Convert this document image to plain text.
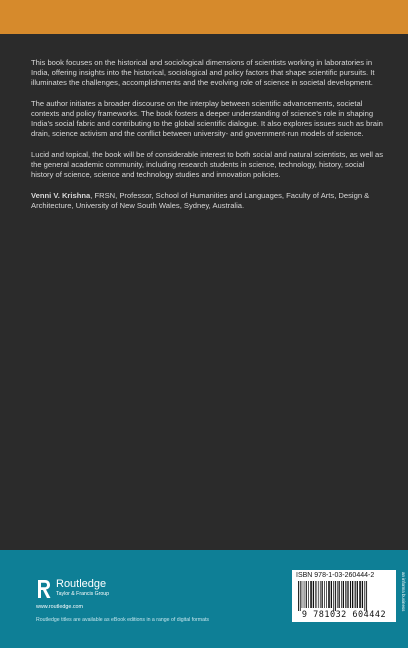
This book focuses on the historical and sociological dimensions of scientists working in laboratories in India, offering insights into the historical, sociological and policy factors that shape scientific pursuits. It illuminates the challenges, accomplishments and the evolving role of science in societal development.

The author initiates a broader discourse on the interplay between scientific advancements, societal contexts and policy frameworks. The book fosters a deeper understanding of science’s role in shaping India’s social fabric and contributing to the global scientific dialogue. It also explores issues such as brain drain, science activism and the conflict between university- and government-run models of science.

Lucid and topical, the book will be of considerable interest to both social and natural scientists, as well as the general academic community, including research students in science, technology, history, social history of science, science and technology studies and innovation policies.

Venni V. Krishna, FRSN, Professor, School of Humanities and Languages, Faculty of Arts, Design & Architecture, University of New South Wales, Sydney, Australia.

Routledge
Taylor & Francis Group
www.routledge.com
Routledge titles are available as eBook editions in a range of digital formats
ISBN 978-1-03-260444-2
9 781032 604442
an informa business
